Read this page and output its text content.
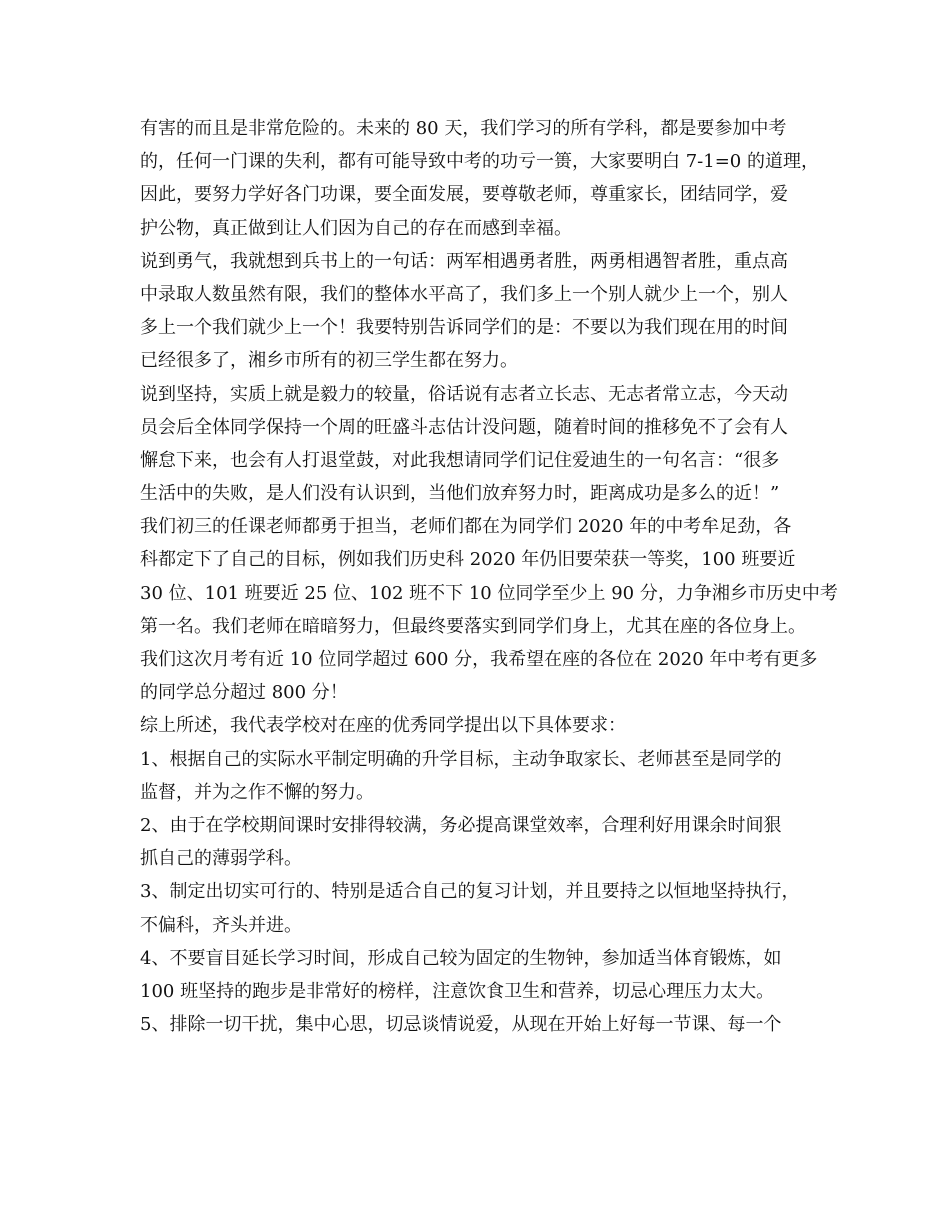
有害的而且是非常危险的。未来的 80 天，我们学习的所有学科，都是要参加中考
的，任何一门课的失利，都有可能导致中考的功亏一篑，大家要明白 7-1=0 的道理，
因此，要努力学好各门功课，要全面发展，要尊敬老师，尊重家长，团结同学，爱
护公物，真正做到让人们因为自己的存在而感到幸福。
说到勇气，我就想到兵书上的一句话：两军相遇勇者胜，两勇相遇智者胜，重点高
中录取人数虽然有限，我们的整体水平高了，我们多上一个别人就少上一个，别人
多上一个我们就少上一个！我要特别告诉同学们的是：不要以为我们现在用的时间
已经很多了，湘乡市所有的初三学生都在努力。
说到坚持，实质上就是毅力的较量，俗话说有志者立长志、无志者常立志，今天动
员会后全体同学保持一个周的旺盛斗志估计没问题，随着时间的推移免不了会有人
懈怠下来，也会有人打退堂鼓，对此我想请同学们记住爱迪生的一句名言：“很多
生活中的失败，是人们没有认识到，当他们放弃努力时，距离成功是多么的近！”
我们初三的任课老师都勇于担当，老师们都在为同学们 2020 年的中考牟足劲，各
科都定下了自己的目标，例如我们历史科 2020 年仍旧要荣获一等奖，100 班要近
30 位、101 班要近 25 位、102 班不下 10 位同学至少上 90 分，力争湘乡市历史中考
第一名。我们老师在暗暗努力，但最终要落实到同学们身上，尤其在座的各位身上。
我们这次月考有近 10 位同学超过 600 分，我希望在座的各位在 2020 年中考有更多
的同学总分超过 800 分！
综上所述，我代表学校对在座的优秀同学提出以下具体要求：
1、根据自己的实际水平制定明确的升学目标，主动争取家长、老师甚至是同学的
监督，并为之作不懈的努力。
2、由于在学校期间课时安排得较满，务必提高课堂效率，合理利好用课余时间狠
抓自己的薄弱学科。
3、制定出切实可行的、特别是适合自己的复习计划，并且要持之以恒地坚持执行，
不偏科，齐头并进。
4、不要盲目延长学习时间，形成自己较为固定的生物钟，参加适当体育锻炼，如
100 班坚持的跑步是非常好的榜样，注意饮食卫生和营养，切忌心理压力太大。
5、排除一切干扰，集中心思，切忌谈情说爱，从现在开始上好每一节课、每一个
